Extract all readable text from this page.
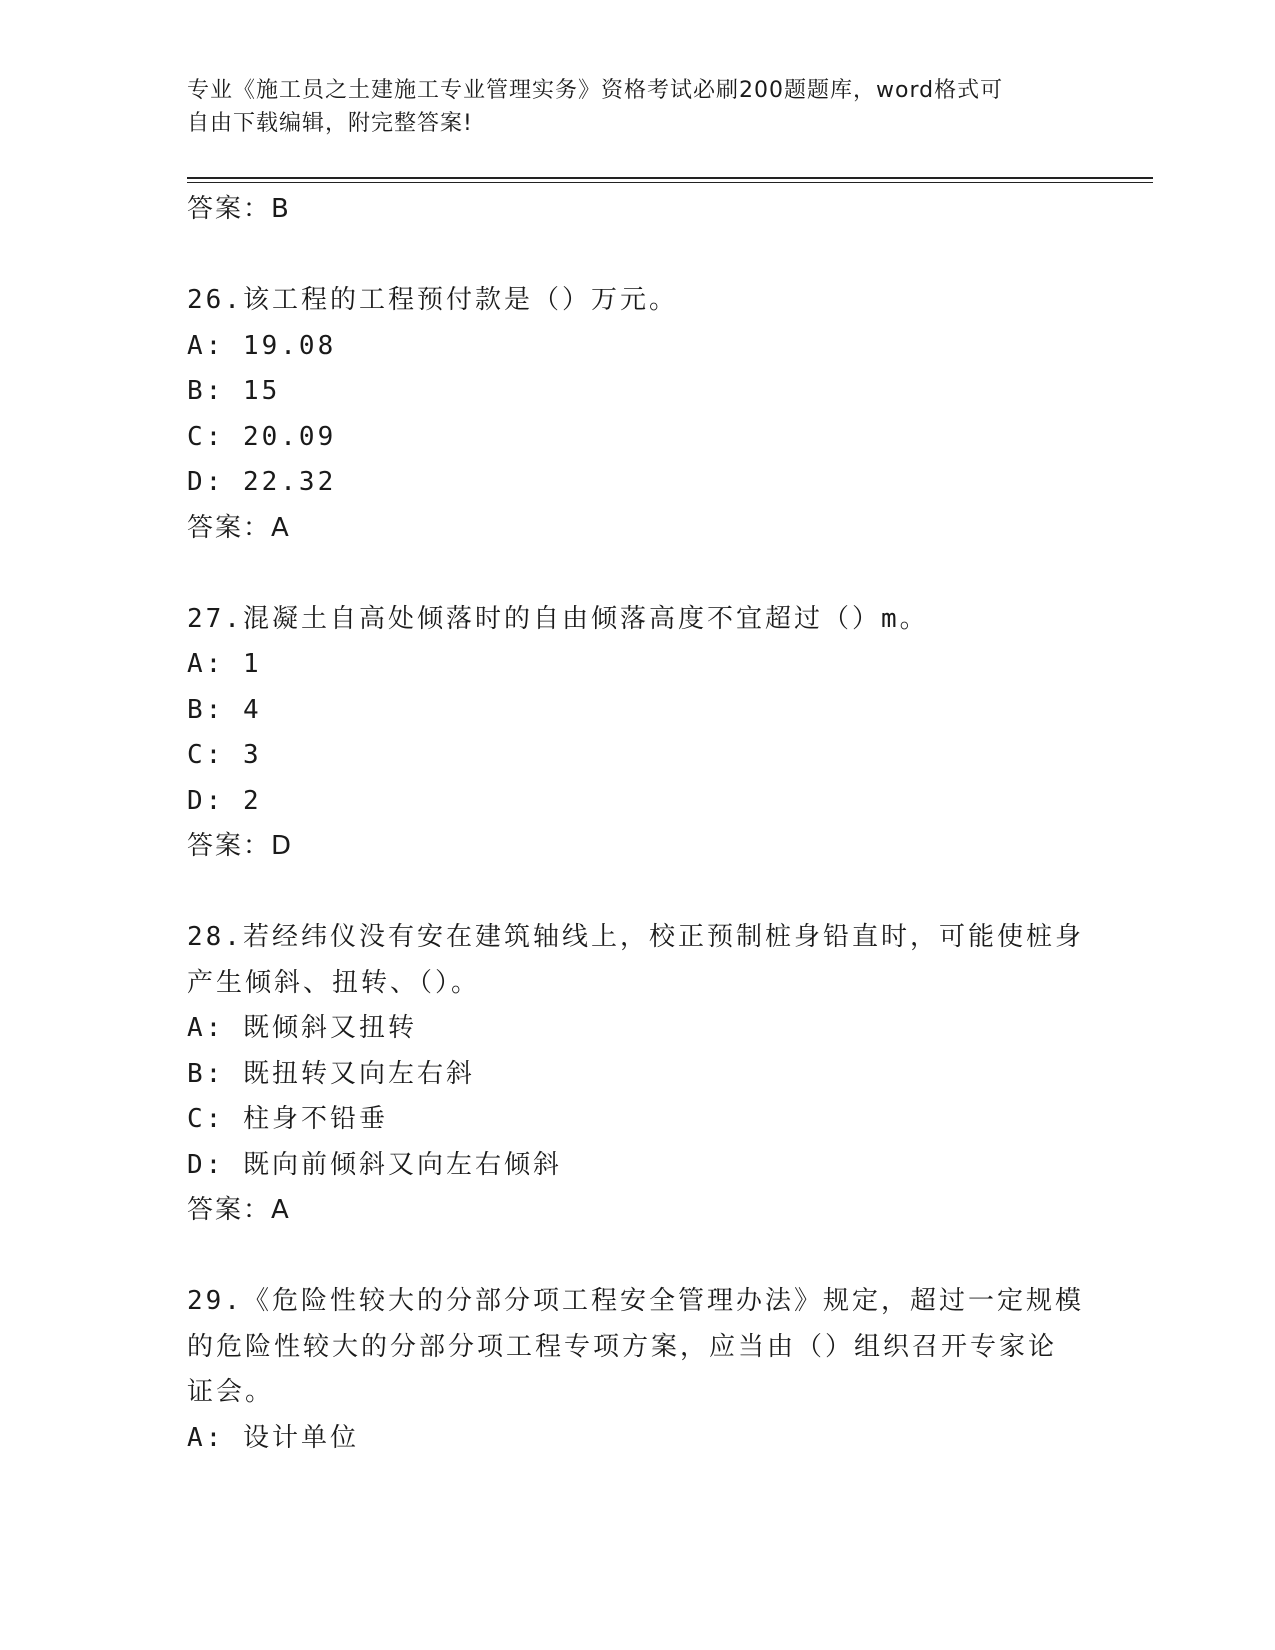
专业《施工员之土建施工专业管理实务》资格考试必刷200题题库，word格式可
自由下载编辑，附完整答案!
答案：B
26.该工程的工程预付款是（）万元。
A: 19.08
B: 15
C: 20.09
D: 22.32
答案：A
27.混凝土自高处倾落时的自由倾落高度不宜超过（）m。
A: 1
B: 4
C: 3
D: 2
答案：D
28.若经纬仪没有安在建筑轴线上，校正预制桩身铅直时，可能使桩身
产生倾斜、扭转、（）。
A: 既倾斜又扭转
B: 既扭转又向左右斜
C: 柱身不铅垂
D: 既向前倾斜又向左右倾斜
答案：A
29.《危险性较大的分部分项工程安全管理办法》规定，超过一定规模
的危险性较大的分部分项工程专项方案，应当由（）组织召开专家论
证会。
A: 设计单位
